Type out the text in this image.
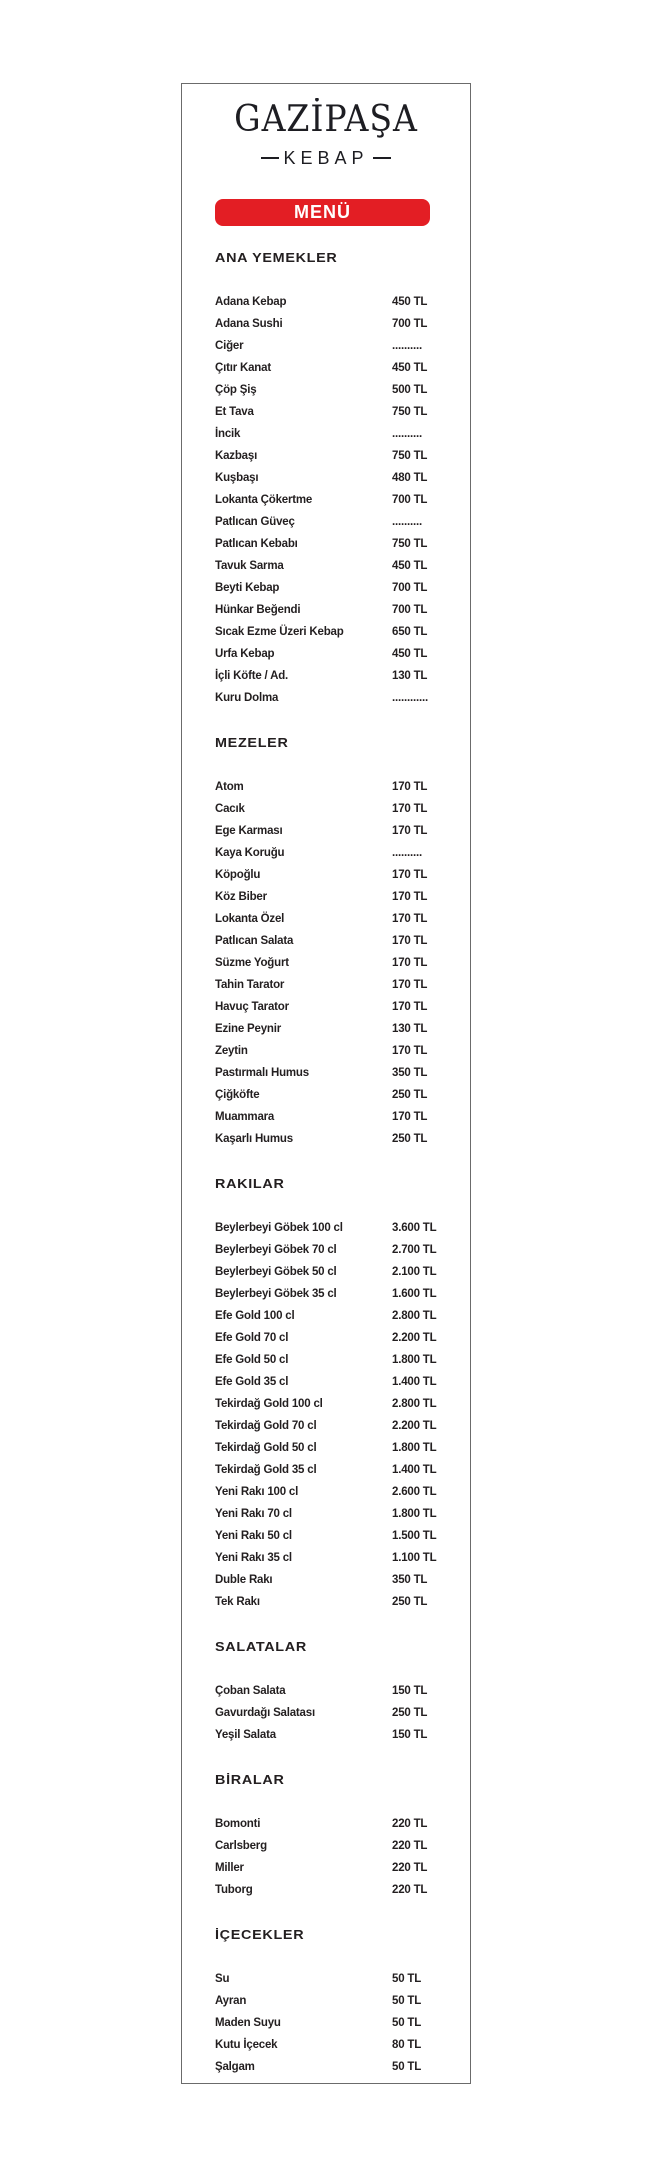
GAZİPAŞA
KEBAP
MENÜ
ANA YEMEKLER
Adana Kebap	450 TL
Adana Sushi	700 TL
Ciğer	..........
Çıtır Kanat	450 TL
Çöp Şiş	500 TL
Et Tava	750 TL
İncik	..........
Kazbaşı	750 TL
Kuşbaşı	480 TL
Lokanta Çökertme	700 TL
Patlıcan Güveç	..........
Patlıcan Kebabı	750 TL
Tavuk Sarma	450 TL
Beyti Kebap	700 TL
Hünkar Beğendi	700 TL
Sıcak Ezme Üzeri Kebap	650 TL
Urfa Kebap	450 TL
İçli Köfte / Ad.	130 TL
Kuru Dolma	............
MEZELER
Atom	170 TL
Cacık	170 TL
Ege Karması	170 TL
Kaya Koruğu	..........
Köpoğlu	170 TL
Köz Biber	170 TL
Lokanta Özel	170 TL
Patlıcan Salata	170 TL
Süzme Yoğurt	170 TL
Tahin Tarator	170 TL
Havuç Tarator	170 TL
Ezine Peynir	130 TL
Zeytin	170 TL
Pastırmalı Humus	350 TL
Çiğköfte	250 TL
Muammara	170 TL
Kaşarlı Humus	250 TL
RAKILAR
Beylerbeyi Göbek 100 cl	3.600 TL
Beylerbeyi Göbek 70 cl	2.700 TL
Beylerbeyi Göbek 50 cl	2.100 TL
Beylerbeyi Göbek 35 cl	1.600 TL
Efe Gold 100 cl	2.800 TL
Efe Gold 70 cl	2.200 TL
Efe Gold 50 cl	1.800 TL
Efe Gold 35 cl	1.400 TL
Tekirdağ Gold 100 cl	2.800 TL
Tekirdağ Gold 70 cl	2.200 TL
Tekirdağ Gold 50 cl	1.800 TL
Tekirdağ Gold 35 cl	1.400 TL
Yeni Rakı 100 cl	2.600 TL
Yeni Rakı 70 cl	1.800 TL
Yeni Rakı 50 cl	1.500 TL
Yeni Rakı 35 cl	1.100 TL
Duble Rakı	350 TL
Tek Rakı	250 TL
SALATALAR
Çoban Salata	150 TL
Gavurdağı Salatası	250 TL
Yeşil Salata	150 TL
BİRALAR
Bomonti	220 TL
Carlsberg	220 TL
Miller	220 TL
Tuborg	220 TL
İÇECEKLER
Su	50 TL
Ayran	50 TL
Maden Suyu	50 TL
Kutu İçecek	80 TL
Şalgam	50 TL
